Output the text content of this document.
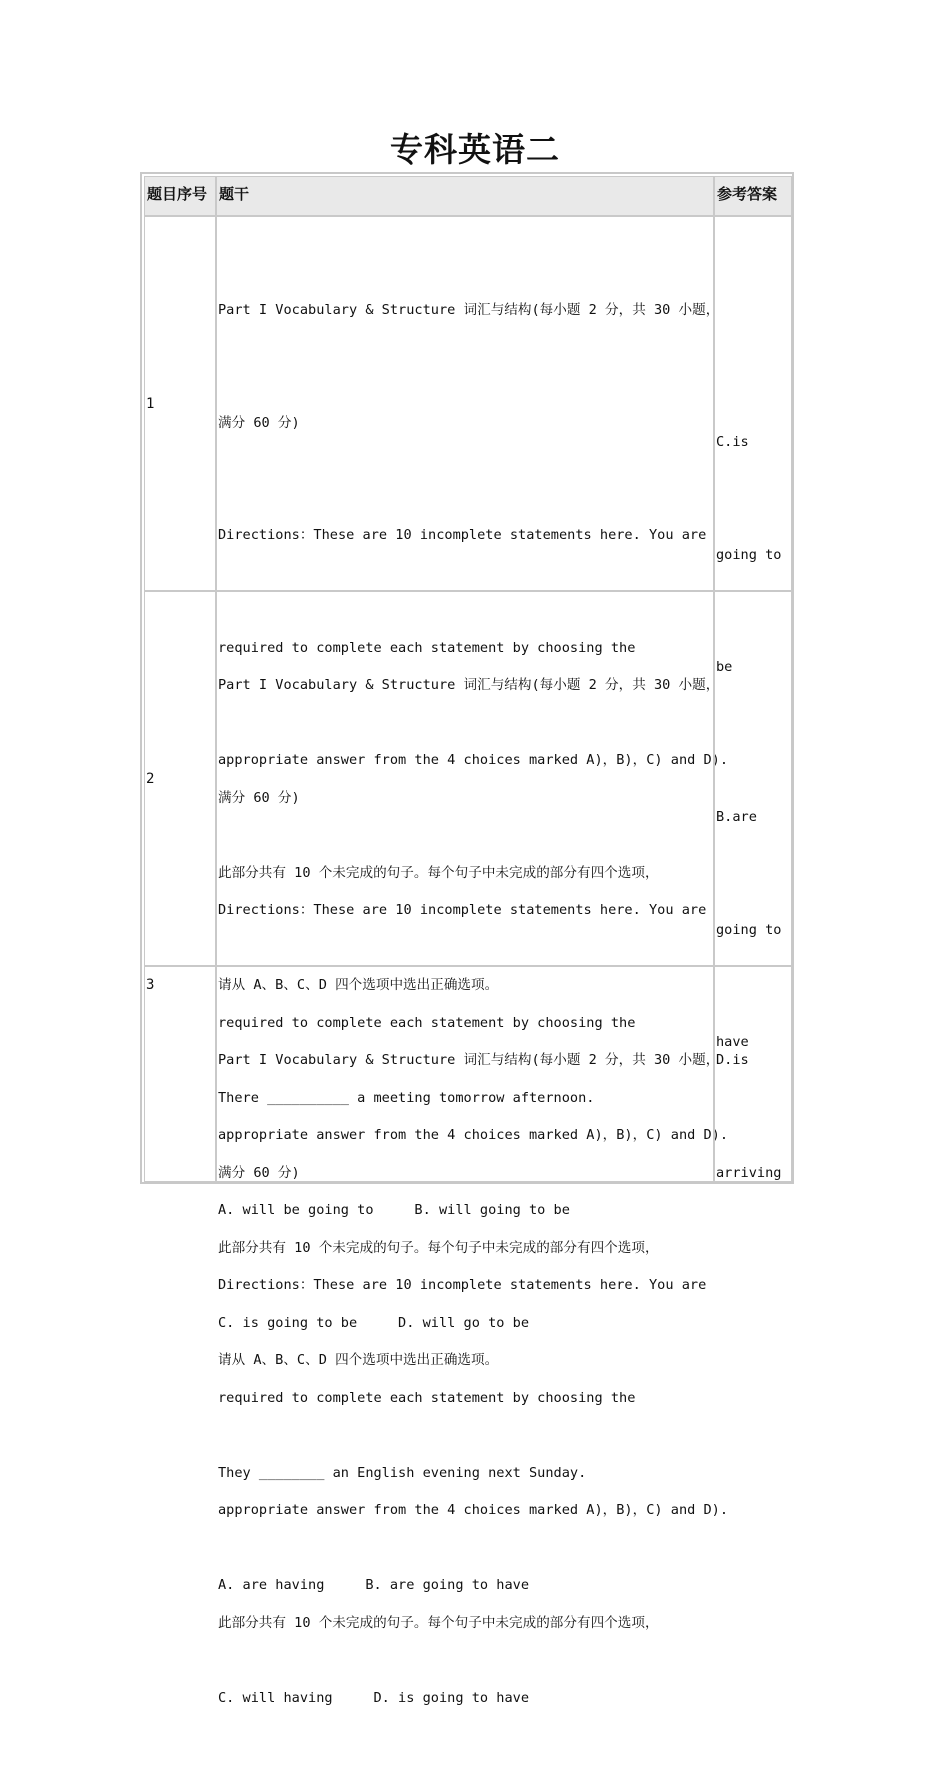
专科英语二
题目序号 题干	参考答案
1

Part I Vocabulary & Structure 词汇与结构(每小题 2 分，共 30 小题，

满分 60 分)

Directions：These are 10 incomplete statements here. You are

required to complete each statement by choosing the

appropriate answer from the 4 choices marked A)，B)，C) and D).

此部分共有 10 个未完成的句子。每个句子中未完成的部分有四个选项，

请从 A、B、C、D 四个选项中选出正确选项。

There __________ a meeting tomorrow afternoon.

A. will be going to     B. will going to be

C. is going to be     D. will go to be

C.is

going to

be

2

Part I Vocabulary & Structure 词汇与结构(每小题 2 分，共 30 小题，

满分 60 分)

Directions：These are 10 incomplete statements here. You are

required to complete each statement by choosing the

appropriate answer from the 4 choices marked A)，B)，C) and D).

此部分共有 10 个未完成的句子。每个句子中未完成的部分有四个选项，

请从 A、B、C、D 四个选项中选出正确选项。

They ________ an English evening next Sunday.

A. are having     B. are going to have

C. will having     D. is going to have

B.are

going to

have

3

Part I Vocabulary & Structure 词汇与结构(每小题 2 分，共 30 小题，

满分 60 分)

Directions：These are 10 incomplete statements here. You are

required to complete each statement by choosing the

appropriate answer from the 4 choices marked A)，B)，C) and D).

此部分共有 10 个未完成的句子。每个句子中未完成的部分有四个选项，

D.is

arriving
